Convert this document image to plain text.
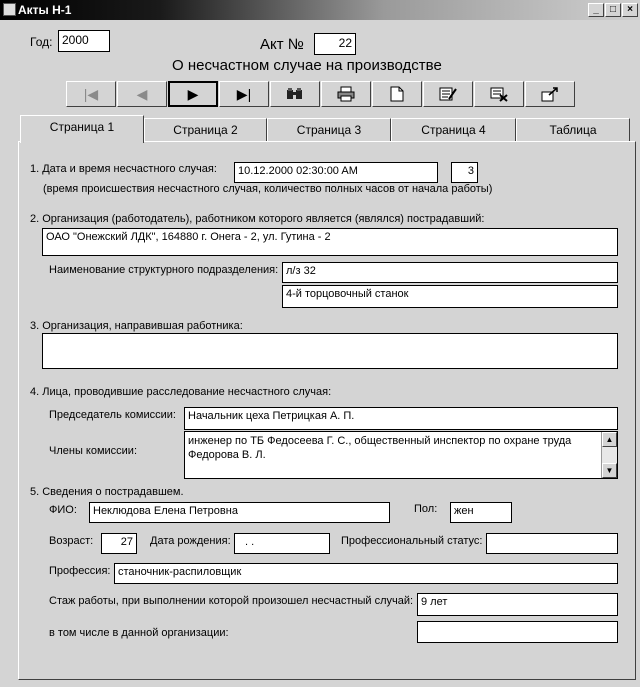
Акты Н-1	_	□	×
Год: 2000	Акт №	22
О несчастном случае на производстве
|◀	◀	▶	▶|
Страница 1	Страница 2	Страница 3	Страница 4	Таблица
1. Дата и время несчастного случая:	10.12.2000 02:30:00 AM	3
(время происшествия несчастного случая, количество полных часов от начала работы)
2. Организация (работодатель), работником которого является (являлся) пострадавший:
ОАО "Онежский ЛДК", 164880 г. Онега - 2, ул. Гутина - 2
Наименование структурного подразделения: л/з 32
4-й торцовочный станок
3. Организация, направившая работника:
4. Лица, проводившие расследование несчастного случая:
Председатель комиссии:	Начальник цеха Петрицкая А. П.
Члены комиссии:
инженер по ТБ Федосеева Г. С., общественный инспектор по охране труда Федорова В. Л.
▲
▼
5. Сведения о пострадавшем.
ФИО:	Неклюдова Елена Петровна	Пол:	жен
Возраст:	27	Дата рождения:	. .	Профессиональный статус:
Профессия: станочник-распиловщик
Стаж работы, при выполнении которой произошел несчастный случай: 9 лет
в том числе в данной организации:
